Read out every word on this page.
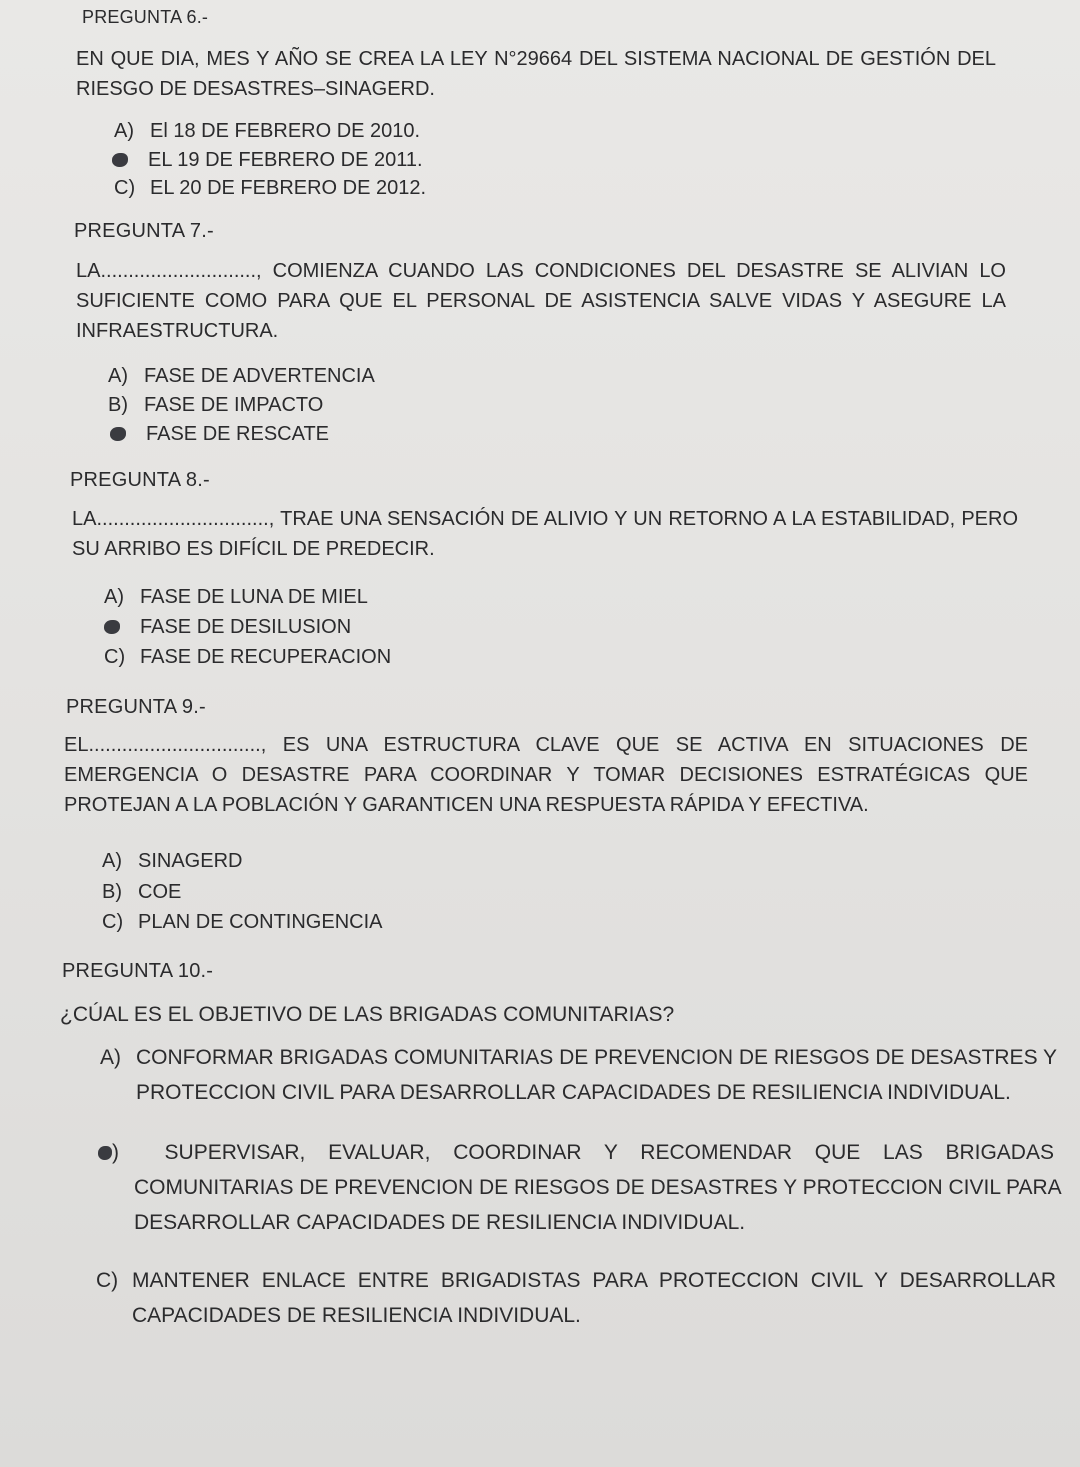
PREGUNTA 6.-
EN QUE DIA, MES Y AÑO SE CREA LA LEY N°29664 DEL SISTEMA NACIONAL DE GESTIÓN DEL
RIESGO DE DESASTRES–SINAGERD.
A) El 18 DE FEBRERO DE 2010.
EL 19 DE FEBRERO DE 2011.
C) EL 20 DE FEBRERO DE 2012.
PREGUNTA 7.-
LA............................, COMIENZA CUANDO LAS CONDICIONES DEL DESASTRE SE ALIVIAN LO
SUFICIENTE COMO PARA QUE EL PERSONAL DE ASISTENCIA SALVE VIDAS Y ASEGURE LA
INFRAESTRUCTURA.
A) FASE DE ADVERTENCIA
B) FASE DE IMPACTO
FASE DE RESCATE
PREGUNTA 8.-
LA..............................., TRAE UNA SENSACIÓN DE ALIVIO Y UN RETORNO A LA ESTABILIDAD, PERO
SU ARRIBO ES DIFÍCIL DE PREDECIR.
A) FASE DE LUNA DE MIEL
FASE DE DESILUSION
C) FASE DE RECUPERACION
PREGUNTA 9.-
EL..............................., ES UNA ESTRUCTURA CLAVE QUE SE ACTIVA EN SITUACIONES DE
EMERGENCIA O DESASTRE PARA COORDINAR Y TOMAR DECISIONES ESTRATÉGICAS QUE
PROTEJAN A LA POBLACIÓN Y GARANTICEN UNA RESPUESTA RÁPIDA Y EFECTIVA.
A) SINAGERD
B) COE
C) PLAN DE CONTINGENCIA
PREGUNTA 10.-
¿CÚAL ES EL OBJETIVO DE LAS BRIGADAS COMUNITARIAS?
A) CONFORMAR BRIGADAS COMUNITARIAS DE PREVENCION DE RIESGOS DE DESASTRES Y
PROTECCION CIVIL PARA DESARROLLAR CAPACIDADES DE RESILIENCIA INDIVIDUAL.
) SUPERVISAR, EVALUAR, COORDINAR Y RECOMENDAR QUE LAS BRIGADAS
COMUNITARIAS DE PREVENCION DE RIESGOS DE DESASTRES Y PROTECCION CIVIL PARA
DESARROLLAR CAPACIDADES DE RESILIENCIA INDIVIDUAL.
C) MANTENER ENLACE ENTRE BRIGADISTAS PARA PROTECCION CIVIL Y DESARROLLAR
CAPACIDADES DE RESILIENCIA INDIVIDUAL.
